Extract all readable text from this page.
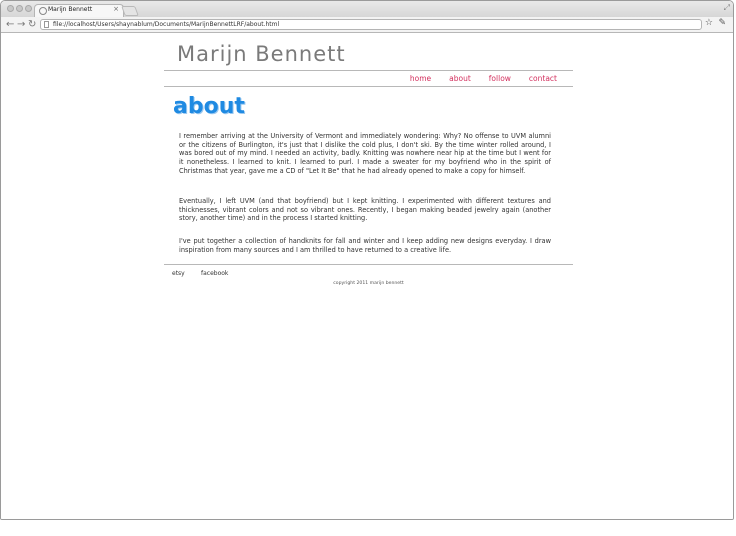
Marijn Bennett	×	⤢
← → ↻	file://localhost/Users/shaynablum/Documents/MarijnBennettLRF/about.html	☆ ✎
Marijn Bennett
home about follow contact
about

I remember arriving at the University of Vermont and immediately wondering: Why? No offense to UVM alumni or the citizens of Burlington, it's just that I dislike the cold plus, I don't ski. By the time winter rolled around, I was bored out of my mind. I needed an activity, badly. Knitting was nowhere near hip at the time but I went for it nonetheless. I learned to knit. I learned to purl. I made a sweater for my boyfriend who in the spirit of Christmas that year, gave me a CD of "Let It Be" that he had already opened to make a copy for himself.

Eventually, I left UVM (and that boyfriend) but I kept knitting. I experimented with different textures and thicknesses, vibrant colors and not so vibrant ones. Recently, I began making beaded jewelry again (another story, another time) and in the process I started knitting.

I've put together a collection of handknits for fall and winter and I keep adding new designs everyday. I draw inspiration from many sources and I am thrilled to have returned to a creative life.

etsy	facebook

copyright 2011 marijn bennett
